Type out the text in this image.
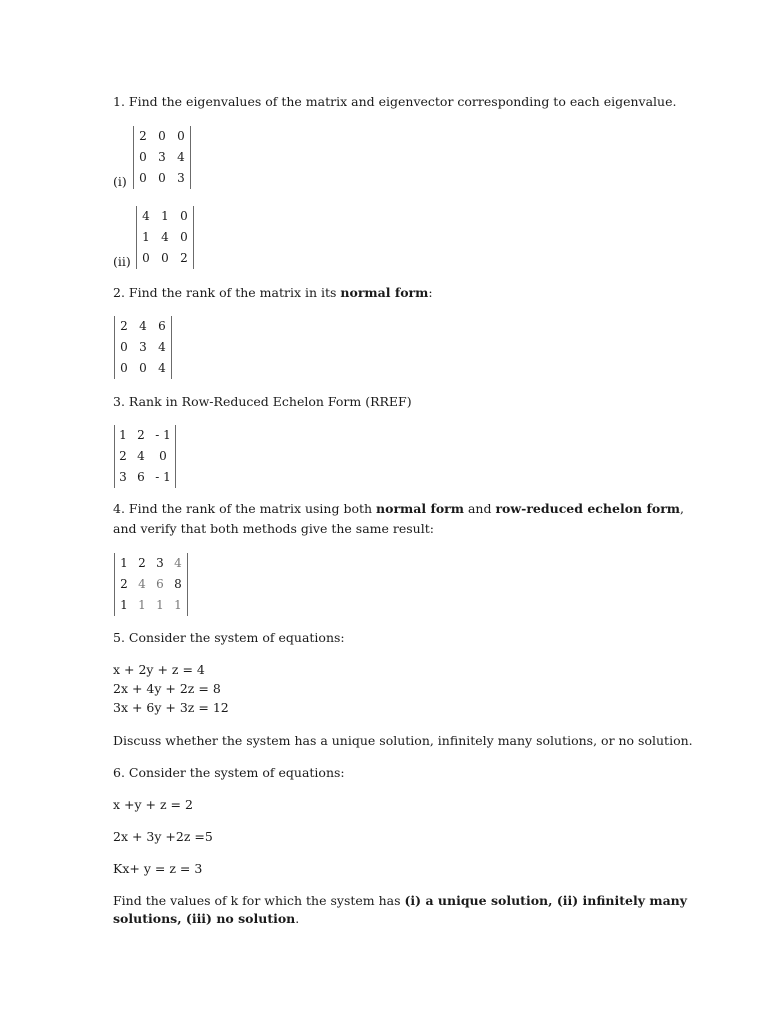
1. Find the eigenvalues of the matrix and eigenvector corresponding to each eigenvalue.
2 0 0
0 3 4
0 0 3
(i)
4 1 0
1 4 0
0 0 2
(ii)
2. Find the rank of the matrix in its normal form:
2 4 6
0 3 4
0 0 4
3. Rank in Row-Reduced Echelon Form (RREF)
1 2 - 1
2 4	0
3 6 - 1
4. Find the rank of the matrix using both normal form and row-reduced echelon form,
and verify that both methods give the same result:
1 2 3 4
2 4 6 8
1 1 1 1
5. Consider the system of equations:
x + 2y + z = 4
2x + 4y + 2z = 8
3x + 6y + 3z = 12
Discuss whether the system has a unique solution, infinitely many solutions, or no solution.
6. Consider the system of equations:
x +y + z = 2
2x + 3y +2z =5
Kx+ y = z = 3
Find the values of k for which the system has (i) a unique solution, (ii) infinitely many
solutions, (iii) no solution.
